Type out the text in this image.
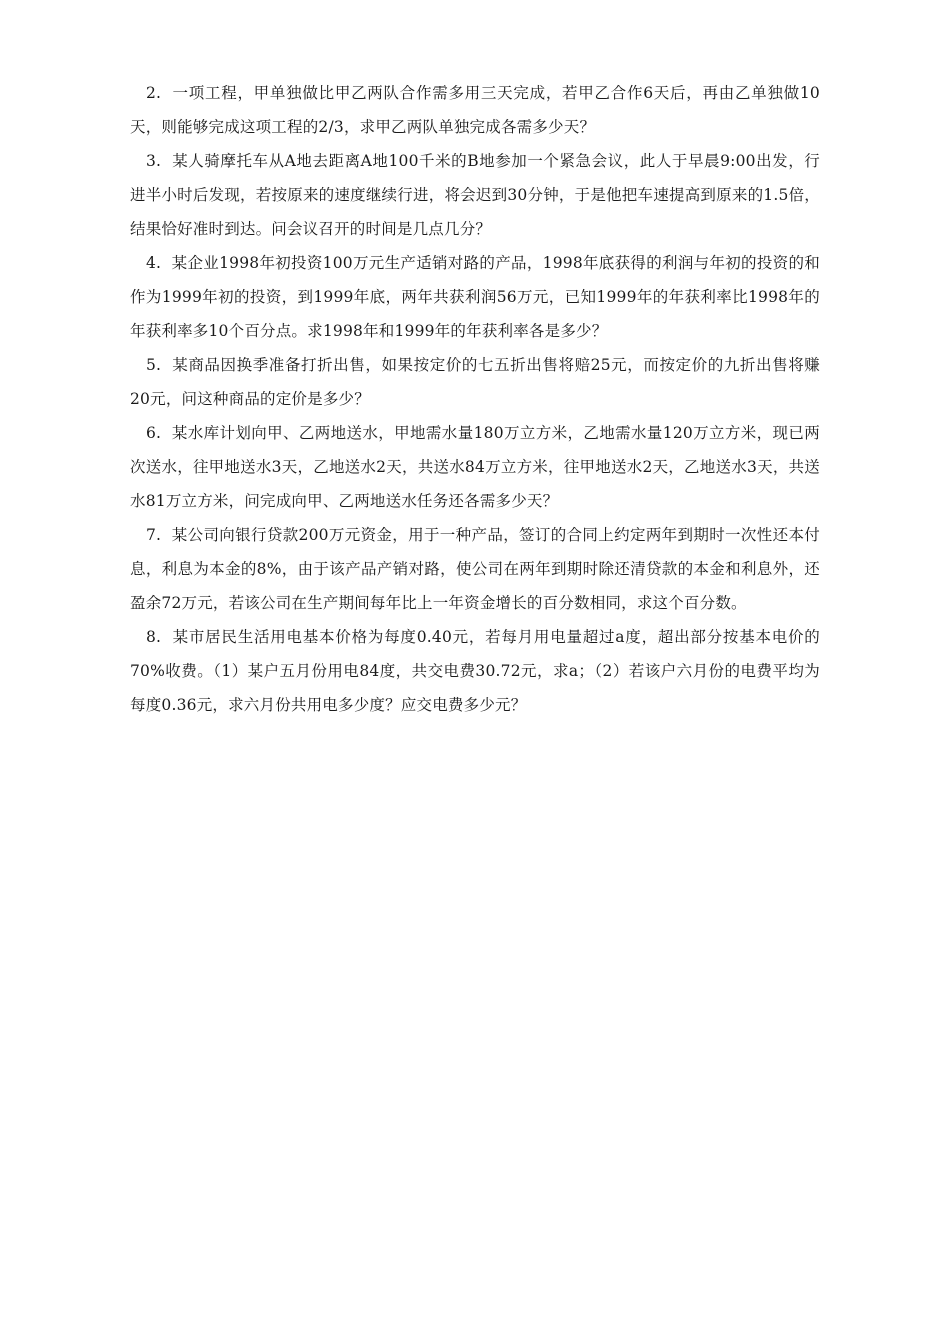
2. 一项工程，甲单独做比甲乙两队合作需多用三天完成，若甲乙合作6天后，再由乙单独做10天，则能够完成这项工程的2/3，求甲乙两队单独完成各需多少天？

3. 某人骑摩托车从A地去距离A地100千米的B地参加一个紧急会议，此人于早晨9:00出发，行进半小时后发现，若按原来的速度继续行进，将会迟到30分钟，于是他把车速提高到原来的1.5倍，结果恰好准时到达。问会议召开的时间是几点几分？

4. 某企业1998年初投资100万元生产适销对路的产品，1998年底获得的利润与年初的投资的和作为1999年初的投资，到1999年底，两年共获利润56万元，已知1999年的年获利率比1998年的年获利率多10个百分点。求1998年和1999年的年获利率各是多少？

5. 某商品因换季准备打折出售，如果按定价的七五折出售将赔25元，而按定价的九折出售将赚20元，问这种商品的定价是多少？

6. 某水库计划向甲、乙两地送水，甲地需水量180万立方米，乙地需水量120万立方米，现已两次送水，往甲地送水3天，乙地送水2天，共送水84万立方米，往甲地送水2天，乙地送水3天，共送水81万立方米，问完成向甲、乙两地送水任务还各需多少天？

7. 某公司向银行贷款200万元资金，用于一种产品，签订的合同上约定两年到期时一次性还本付息，利息为本金的8%，由于该产品产销对路，使公司在两年到期时除还清贷款的本金和利息外，还盈余72万元，若该公司在生产期间每年比上一年资金增长的百分数相同，求这个百分数。

8. 某市居民生活用电基本价格为每度0.40元，若每月用电量超过a度，超出部分按基本电价的70%收费。（1）某户五月份用电84度，共交电费30.72元，求a；（2）若该户六月份的电费平均为每度0.36元，求六月份共用电多少度？应交电费多少元？
